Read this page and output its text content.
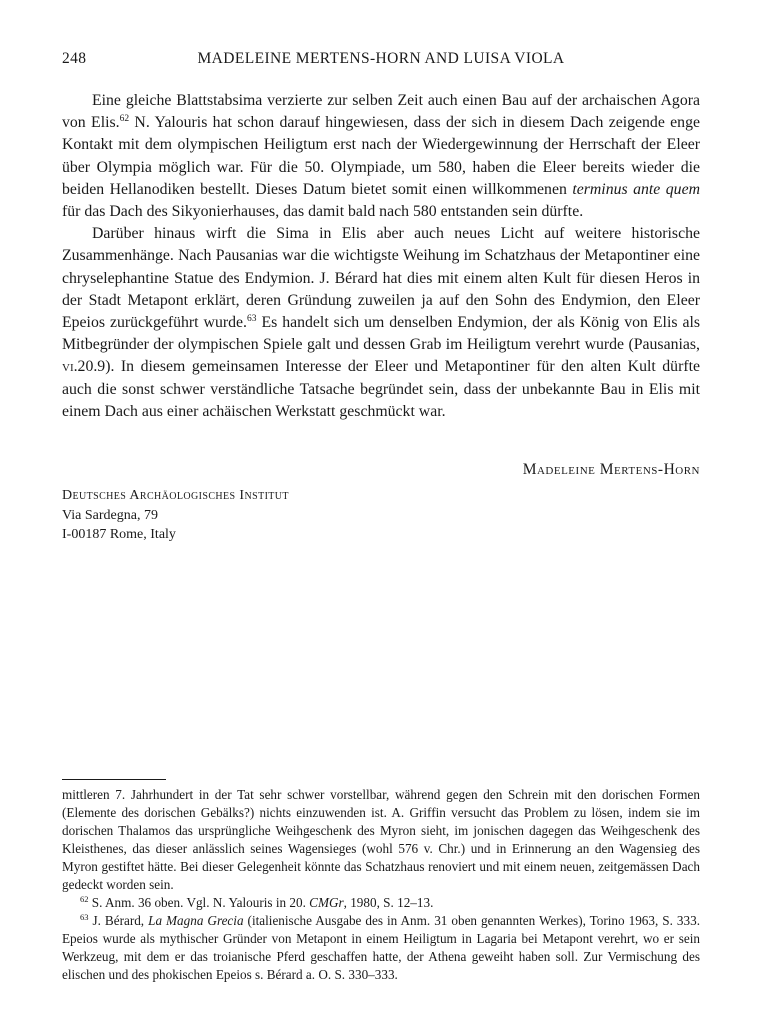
248	MADELEINE MERTENS-HORN AND LUISA VIOLA

Eine gleiche Blattstabsima verzierte zur selben Zeit auch einen Bau auf der archaischen Agora von Elis.$^{62}$ N. Yalouris hat schon darauf hingewiesen, dass der sich in diesem Dach zeigende enge Kontakt mit dem olympischen Heiligtum erst nach der Wiedergewinnung der Herrschaft der Eleer über Olympia möglich war. Für die 50. Olympiade, um 580, haben die Eleer bereits wieder die beiden Hellanodiken bestellt. Dieses Datum bietet somit einen willkommenen terminus ante quem für das Dach des Sikyonierhauses, das damit bald nach 580 entstanden sein dürfte.

Darüber hinaus wirft die Sima in Elis aber auch neues Licht auf weitere historische Zusammenhänge. Nach Pausanias war die wichtigste Weihung im Schatzhaus der Metapontiner eine chryselephantine Statue des Endymion. J. Bérard hat dies mit einem alten Kult für diesen Heros in der Stadt Metapont erklärt, deren Gründung zuweilen ja auf den Sohn des Endymion, den Eleer Epeios zurückgeführt wurde.$^{63}$ Es handelt sich um denselben Endymion, der als König von Elis als Mitbegründer der olympischen Spiele galt und dessen Grab im Heiligtum verehrt wurde (Pausanias, vi.20.9). In diesem gemeinsamen Interesse der Eleer und Metapontiner für den alten Kult dürfte auch die sonst schwer verständliche Tatsache begründet sein, dass der unbekannte Bau in Elis mit einem Dach aus einer achäischen Werkstatt geschmückt war.

Madeleine Mertens-Horn
Deutsches Archäologisches Institut
Via Sardegna, 79
I-00187 Rome, Italy

mittleren 7. Jahrhundert in der Tat sehr schwer vorstellbar, während gegen den Schrein mit den dorischen Formen (Elemente des dorischen Gebälks?) nichts einzuwenden ist. A. Griffin versucht das Problem zu lösen, indem sie im dorischen Thalamos das ursprüngliche Weihgeschenk des Myron sieht, im jonischen dagegen das Weihgeschenk des Kleisthenes, das dieser anlässlich seines Wagensieges (wohl 576 v. Chr.) und in Erinnerung an den Wagensieg des Myron gestiftet hätte. Bei dieser Gelegenheit könnte das Schatzhaus renoviert und mit einem neuen, zeitgemässen Dach gedeckt worden sein.

$^{62}$ S. Anm. 36 oben. Vgl. N. Yalouris in 20. CMGr, 1980, S. 12–13.

$^{63}$ J. Bérard, La Magna Grecia (italienische Ausgabe des in Anm. 31 oben genannten Werkes), Torino 1963, S. 333. Epeios wurde als mythischer Gründer von Metapont in einem Heiligtum in Lagaria bei Metapont verehrt, wo er sein Werkzeug, mit dem er das troianische Pferd geschaffen hatte, der Athena geweiht haben soll. Zur Vermischung des elischen und des phokischen Epeios s. Bérard a. O. S. 330–333.
